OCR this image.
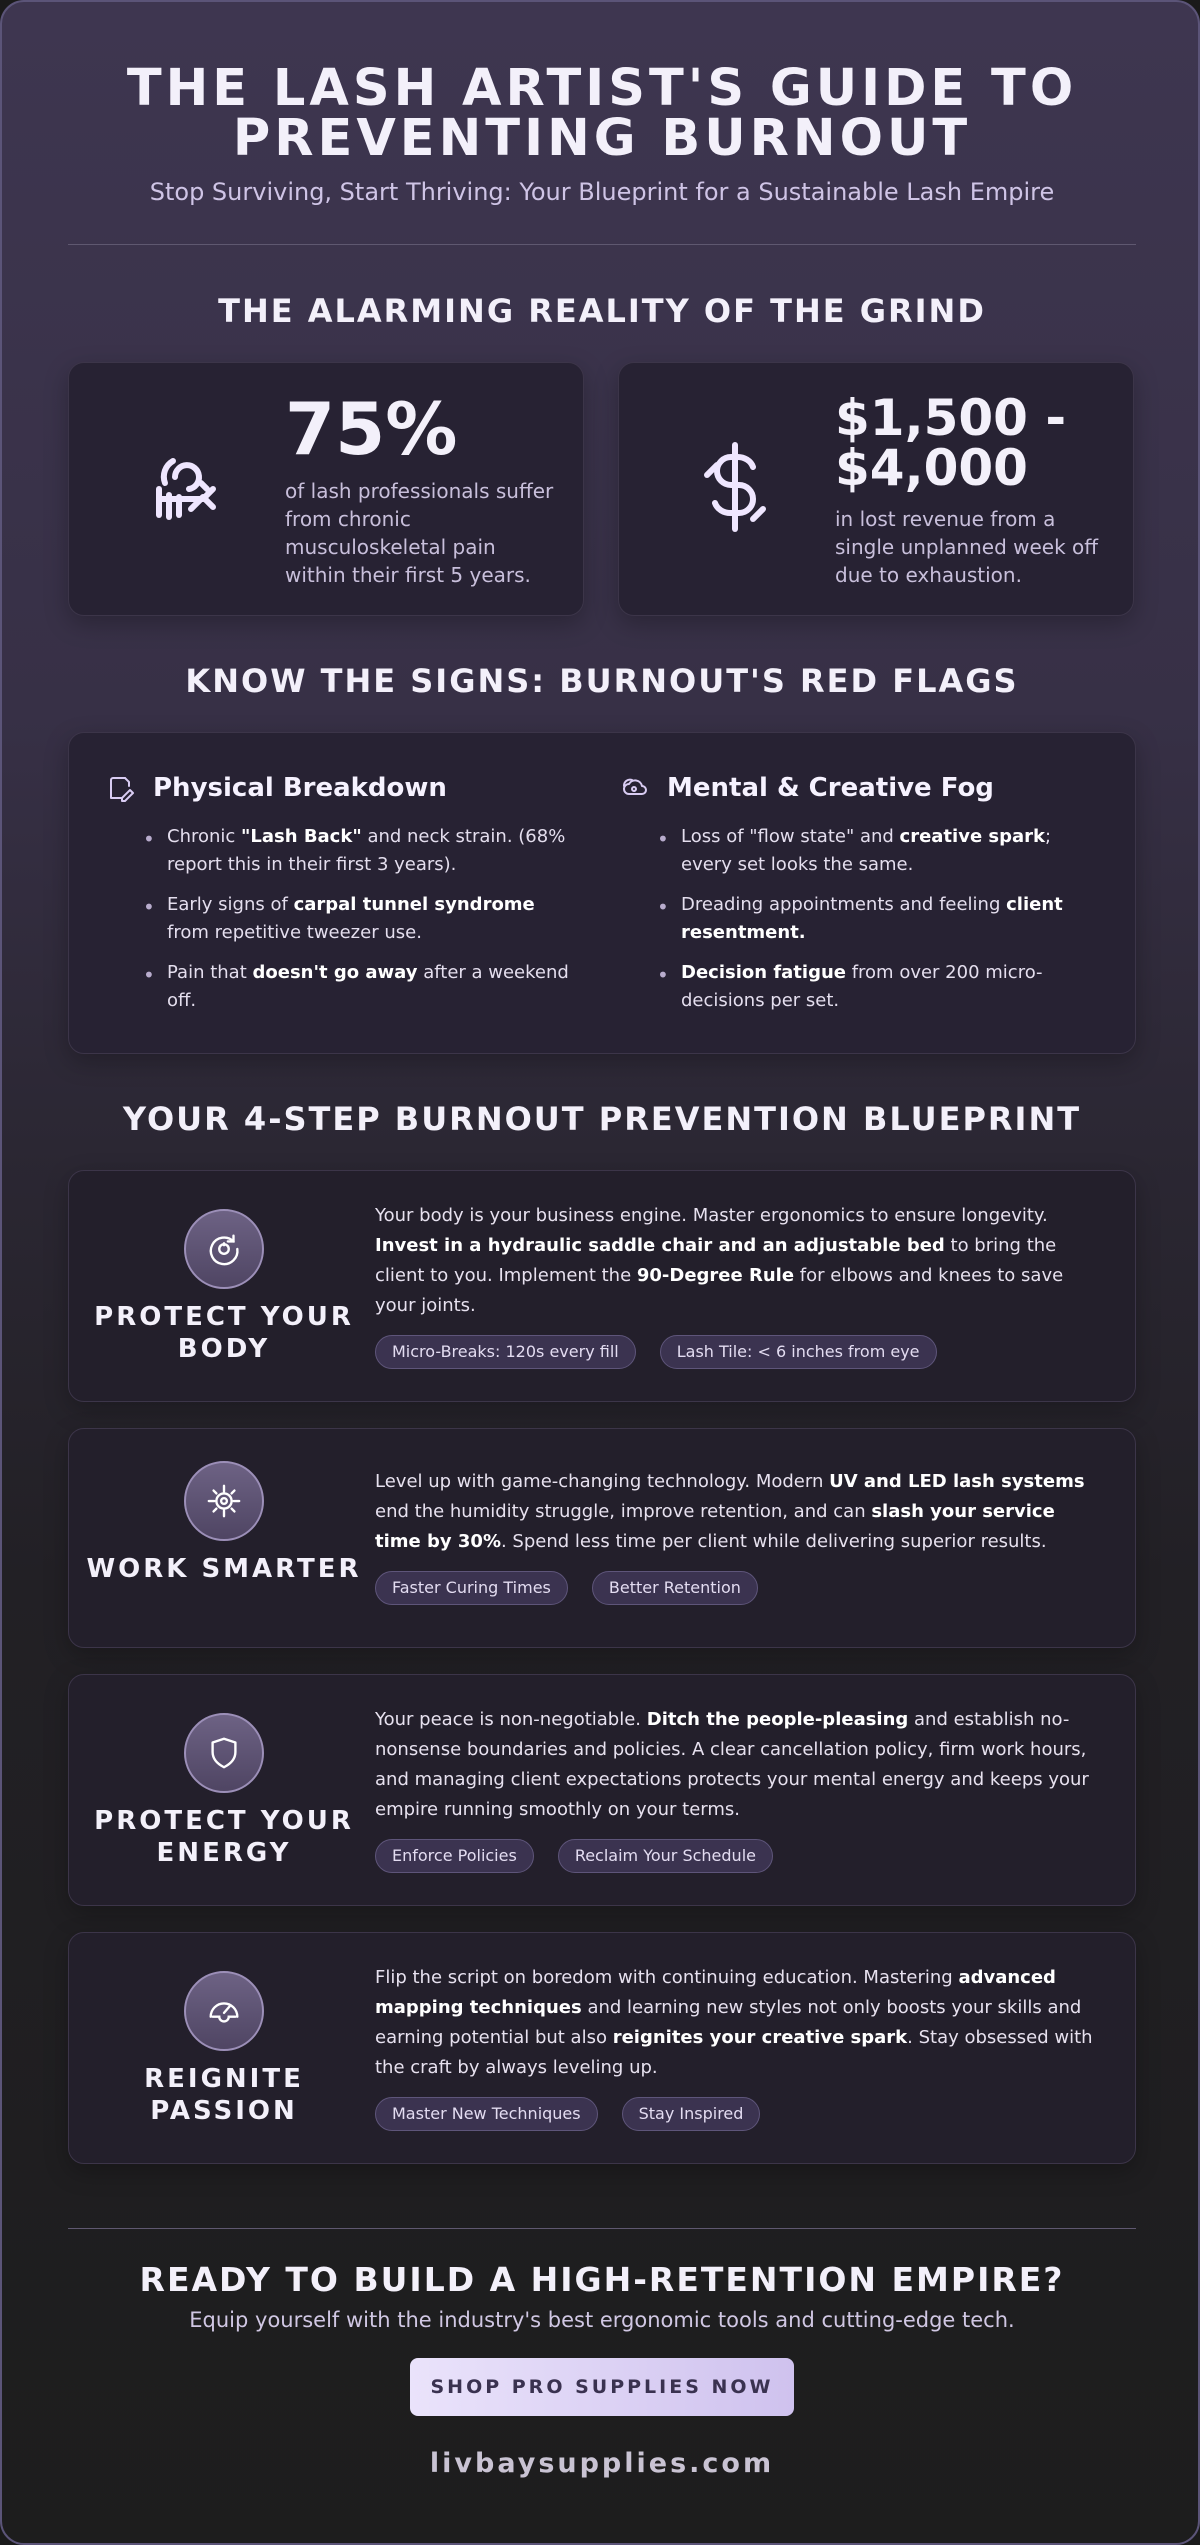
THE LASH ARTIST'S GUIDE TO PREVENTING BURNOUT
Stop Surviving, Start Thriving: Your Blueprint for a Sustainable Lash Empire
THE ALARMING REALITY OF THE GRIND
75%
of lash professionals suffer from chronic musculoskeletal pain within their first 5 years.
$1,500 - $4,000
in lost revenue from a single unplanned week off due to exhaustion.
KNOW THE SIGNS: BURNOUT'S RED FLAGS
Physical Breakdown
• Chronic "Lash Back" and neck strain. (68% report this in their first 3 years).
• Early signs of carpal tunnel syndrome from repetitive tweezer use.
• Pain that doesn't go away after a weekend off.
Mental & Creative Fog
• Loss of "flow state" and creative spark; every set looks the same.
• Dreading appointments and feeling client resentment.
• Decision fatigue from over 200 micro-decisions per set.
YOUR 4-STEP BURNOUT PREVENTION BLUEPRINT
PROTECT YOUR BODY
Your body is your business engine. Master ergonomics to ensure longevity. Invest in a hydraulic saddle chair and an adjustable bed to bring the client to you. Implement the 90-Degree Rule for elbows and knees to save your joints.
Micro-Breaks: 120s every fill	Lash Tile: < 6 inches from eye
WORK SMARTER
Level up with game-changing technology. Modern UV and LED lash systems end the humidity struggle, improve retention, and can slash your service time by 30%. Spend less time per client while delivering superior results.
Faster Curing Times	Better Retention
PROTECT YOUR ENERGY
Your peace is non-negotiable. Ditch the people-pleasing and establish no-nonsense boundaries and policies. A clear cancellation policy, firm work hours, and managing client expectations protects your mental energy and keeps your empire running smoothly on your terms.
Enforce Policies	Reclaim Your Schedule
REIGNITE PASSION
Flip the script on boredom with continuing education. Mastering advanced mapping techniques and learning new styles not only boosts your skills and earning potential but also reignites your creative spark. Stay obsessed with the craft by always leveling up.
Master New Techniques	Stay Inspired
READY TO BUILD A HIGH-RETENTION EMPIRE?
Equip yourself with the industry's best ergonomic tools and cutting-edge tech.
SHOP PRO SUPPLIES NOW
livbaysupplies.com
